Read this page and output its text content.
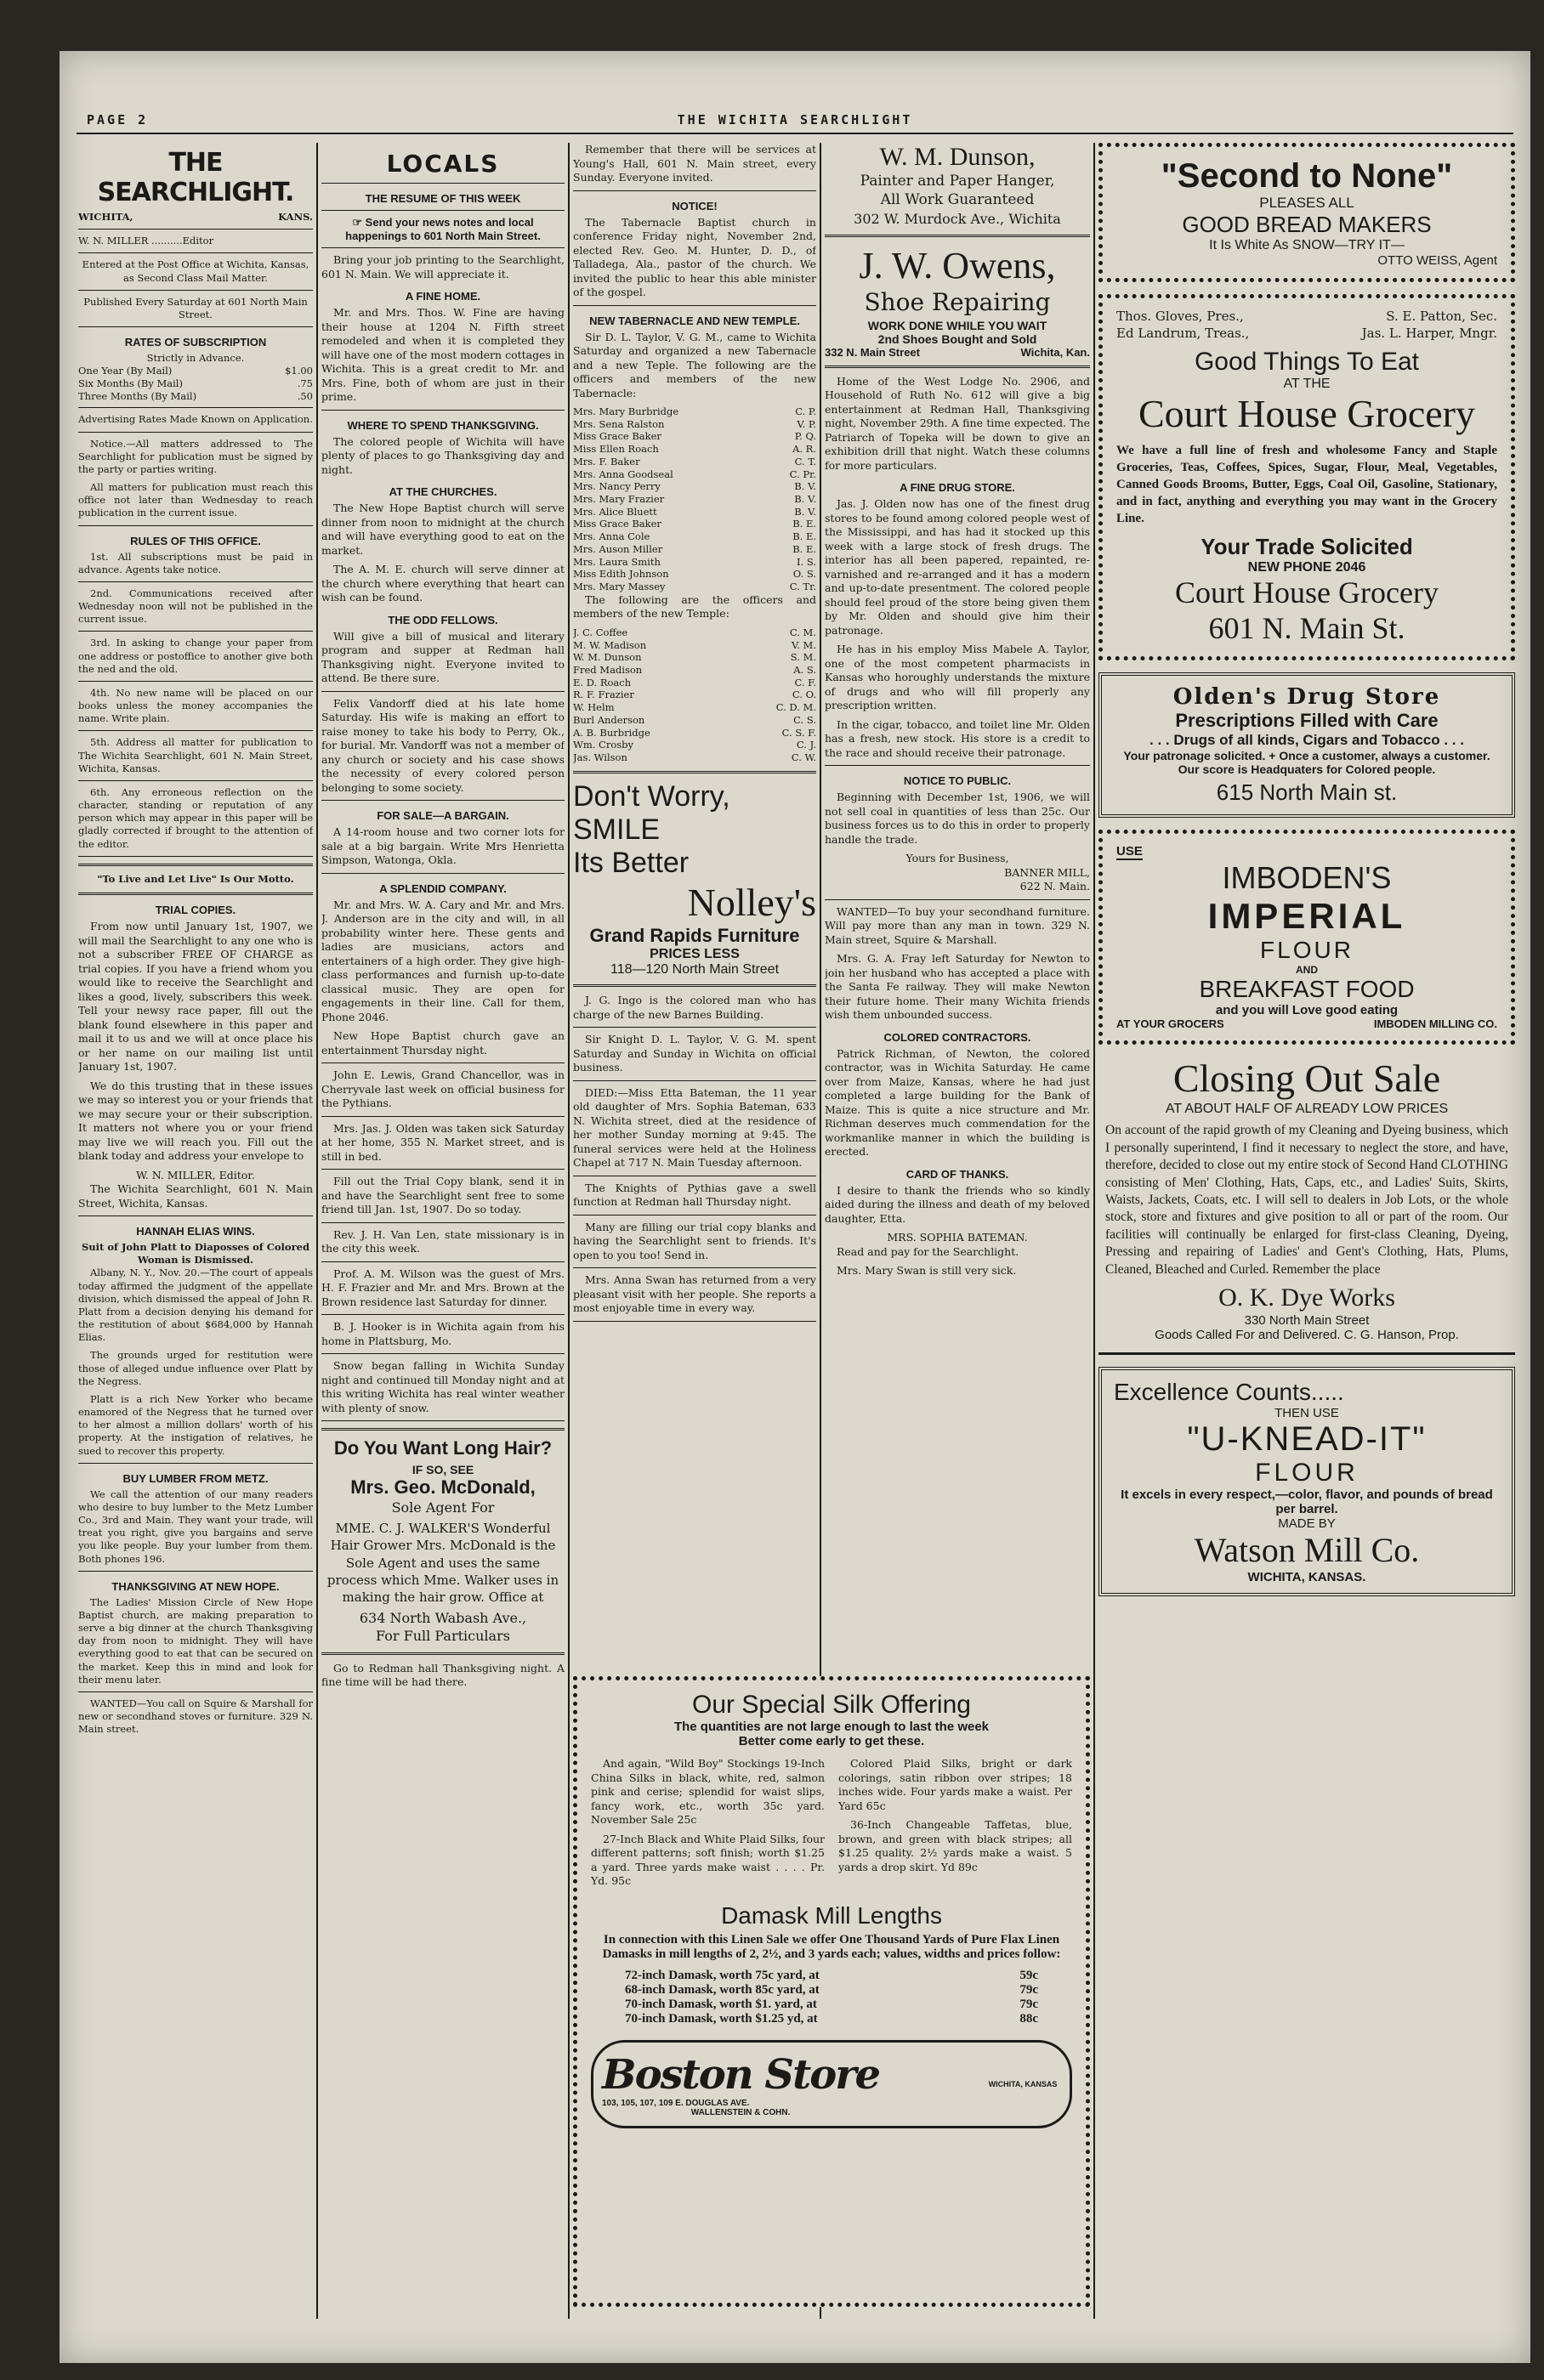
PAGE 2	THE WICHITA SEARCHLIGHT
THE SEARCHLIGHT.
WICHITA,	KANS.
W. N. MILLER ..........Editor
Entered at the Post Office at Wichita, Kansas, as Second Class Mail Matter.
Published Every Saturday at 601 North Main Street.
RATES OF SUBSCRIPTION
Strictly in Advance.
One Year (By Mail)	$1.00
Six Months (By Mail)	.75
Three Months (By Mail)	.50
Advertising Rates Made Known on Application.

Notice.—All matters addressed to The Searchlight for publication must be signed by the party or parties writing.

All matters for publication must reach this office not later than Wednesday to reach publication in the current issue.

RULES OF THIS OFFICE.

1st. All subscriptions must be paid in advance. Agents take notice.

2nd. Communications received after Wednesday noon will not be published in the current issue.

3rd. In asking to change your paper from one address or postoffice to another give both the ned and the old.

4th. No new name will be placed on our books unless the money accompanies the name. Write plain.

5th. Address all matter for publication to The Wichita Searchlight, 601 N. Main Street, Wichita, Kansas.

6th. Any erroneous reflection on the character, standing or reputation of any person which may appear in this paper will be gladly corrected if brought to the attention of the editor.

"To Live and Let Live" Is Our Motto.
TRIAL COPIES.

From now until January 1st, 1907, we will mail the Searchlight to any one who is not a subscriber FREE OF CHARGE as trial copies. If you have a friend whom you would like to receive the Searchlight and likes a good, lively, subscribers this week. Tell your newsy race paper, fill out the blank found elsewhere in this paper and mail it to us and we will at once place his or her name on our mailing list until January 1st, 1907.

We do this trusting that in these issues we may so interest you or your friends that we may secure your or their subscription. It matters not where you or your friend may live we will reach you. Fill out the blank today and address your envelope to

W. N. MILLER, Editor.

The Wichita Searchlight, 601 N. Main Street, Wichita, Kansas.

HANNAH ELIAS WINS.
Suit of John Platt to Diaposses of Colored Woman is Dismissed.

Albany, N. Y., Nov. 20.—The court of appeals today affirmed the judgment of the appellate division, which dismissed the appeal of John R. Platt from a decision denying his demand for the restitution of about $684,000 by Hannah Elias.

The grounds urged for restitution were those of alleged undue influence over Platt by the Negress.

Platt is a rich New Yorker who became enamored of the Negress that he turned over to her almost a million dollars' worth of his property. At the instigation of relatives, he sued to recover this property.

BUY LUMBER FROM METZ.

We call the attention of our many readers who desire to buy lumber to the Metz Lumber Co., 3rd and Main. They want your trade, will treat you right, give you bargains and serve you like people. Buy your lumber from them. Both phones 196.

THANKSGIVING AT NEW HOPE.

The Ladies' Mission Circle of New Hope Baptist church, are making preparation to serve a big dinner at the church Thanksgiving day from noon to midnight. They will have everything good to eat that can be secured on the market. Keep this in mind and look for their menu later.

WANTED—You call on Squire & Marshall for new or secondhand stoves or furniture. 329 N. Main street.

LOCALS
THE RESUME OF THIS WEEK
☞ Send your news notes and local happenings to 601 North Main Street.

Bring your job printing to the Searchlight, 601 N. Main. We will appreciate it.

A FINE HOME.

Mr. and Mrs. Thos. W. Fine are having their house at 1204 N. Fifth street remodeled and when it is completed they will have one of the most modern cottages in Wichita. This is a great credit to Mr. and Mrs. Fine, both of whom are just in their prime.

WHERE TO SPEND THANKSGIVING.

The colored people of Wichita will have plenty of places to go Thanksgiving day and night.

AT THE CHURCHES.

The New Hope Baptist church will serve dinner from noon to midnight at the church and will have everything good to eat on the market.

The A. M. E. church will serve dinner at the church where everything that heart can wish can be found.

THE ODD FELLOWS.

Will give a bill of musical and literary program and supper at Redman hall Thanksgiving night. Everyone invited to attend. Be there sure.

Felix Vandorff died at his late home Saturday. His wife is making an effort to raise money to take his body to Perry, Ok., for burial. Mr. Vandorff was not a member of any church or society and his case shows the necessity of every colored person belonging to some society.

FOR SALE—A BARGAIN.

A 14-room house and two corner lots for sale at a big bargain. Write Mrs Henrietta Simpson, Watonga, Okla.

A SPLENDID COMPANY.

Mr. and Mrs. W. A. Cary and Mr. and Mrs. J. Anderson are in the city and will, in all probability winter here. These gents and ladies are musicians, actors and entertainers of a high order. They give high-class performances and furnish up-to-date classical music. They are open for engagements in their line. Call for them, Phone 2046.

New Hope Baptist church gave an entertainment Thursday night.

John E. Lewis, Grand Chancellor, was in Cherryvale last week on official business for the Pythians.

Mrs. Jas. J. Olden was taken sick Saturday at her home, 355 N. Market street, and is still in bed.

Fill out the Trial Copy blank, send it in and have the Searchlight sent free to some friend till Jan. 1st, 1907. Do so today.

Rev. J. H. Van Len, state missionary is in the city this week.

Prof. A. M. Wilson was the guest of Mrs. H. F. Frazier and Mr. and Mrs. Brown at the Brown residence last Saturday for dinner.

B. J. Hooker is in Wichita again from his home in Plattsburg, Mo.

Snow began falling in Wichita Sunday night and continued till Monday night and at this writing Wichita has real winter weather with plenty of snow.

Do You Want Long Hair?
IF SO, SEE
Mrs. Geo. McDonald,
Sole Agent For
MME. C. J. WALKER'S Wonderful Hair Grower Mrs. McDonald is the Sole Agent and uses the same process which Mme. Walker uses in making the hair grow. Office at
634 North Wabash Ave.,
For Full Particulars

Go to Redman hall Thanksgiving night. A fine time will be had there.

Remember that there will be services at Young's Hall, 601 N. Main street, every Sunday. Everyone invited.

NOTICE!

The Tabernacle Baptist church in conference Friday night, November 2nd, elected Rev. Geo. M. Hunter, D. D., of Talladega, Ala., pastor of the church. We invited the public to hear this able minister of the gospel.

NEW TABERNACLE AND NEW TEMPLE.

Sir D. L. Taylor, V. G. M., came to Wichita Saturday and organized a new Tabernacle and a new Teple. The following are the officers and members of the new Tabernacle:

Mrs. Mary Burbridge	C. P.
Mrs. Sena Ralston	V. P.
Miss Grace Baker	P. Q.
Miss Ellen Roach	A. R.
Mrs. F. Baker	C. T.
Mrs. Anna Goodseal	C. Pr.
Mrs. Nancy Perry	B. V.
Mrs. Mary Frazier	B. V.
Mrs. Alice Bluett	B. V.
Miss Grace Baker	B. E.
Mrs. Anna Cole	B. E.
Mrs. Auson Miller	B. E.
Mrs. Laura Smith	I. S.
Miss Edith Johnson	O. S.
Mrs. Mary Massey	C. Tr.

The following are the officers and members of the new Temple:

J. C. Coffee	C. M.
M. W. Madison	V. M.
W. M. Dunson	S. M.
Fred Madison	A. S.
E. D. Roach	C. F.
R. F. Frazier	C. O.
W. Helm	C. D. M.
Burl Anderson	C. S.
A. B. Burbridge	C. S. F.
Wm. Crosby	C. J.
Jas. Wilson	C. W.
Don't Worry,
SMILE
Its Better
Nolley's
Grand Rapids Furniture
PRICES LESS
118—120 North Main Street

J. G. Ingo is the colored man who has charge of the new Barnes Building.

Sir Knight D. L. Taylor, V. G. M. spent Saturday and Sunday in Wichita on official business.

DIED:—Miss Etta Bateman, the 11 year old daughter of Mrs. Sophia Bateman, 633 N. Wichita street, died at the residence of her mother Sunday morning at 9:45. The funeral services were held at the Holiness Chapel at 717 N. Main Tuesday afternoon.

The Knights of Pythias gave a swell function at Redman hall Thursday night.

Many are filling our trial copy blanks and having the Searchlight sent to friends. It's open to you too! Send in.

Mrs. Anna Swan has returned from a very pleasant visit with her people. She reports a most enjoyable time in every way.

W. M. Dunson,
Painter and Paper Hanger,
All Work Guaranteed
302 W. Murdock Ave., Wichita
J. W. Owens,
Shoe Repairing
WORK DONE WHILE YOU WAIT
2nd Shoes Bought and Sold
332 N. Main Street	Wichita, Kan.

Home of the West Lodge No. 2906, and Household of Ruth No. 612 will give a big entertainment at Redman Hall, Thanksgiving night, November 29th. A fine time expected. The Patriarch of Topeka will be down to give an exhibition drill that night. Watch these columns for more particulars.

A FINE DRUG STORE.

Jas. J. Olden now has one of the finest drug stores to be found among colored people west of the Mississippi, and has had it stocked up this week with a large stock of fresh drugs. The interior has all been papered, repainted, re-varnished and re-arranged and it has a modern and up-to-date presentment. The colored people should feel proud of the store being given them by Mr. Olden and should give him their patronage.

He has in his employ Miss Mabele A. Taylor, one of the most competent pharmacists in Kansas who horoughly understands the mixture of drugs and who will fill properly any prescription written.

In the cigar, tobacco, and toilet line Mr. Olden has a fresh, new stock. His store is a credit to the race and should receive their patronage.

NOTICE TO PUBLIC.

Beginning with December 1st, 1906, we will not sell coal in quantities of less than 25c. Our business forces us to do this in order to properly handle the trade.

Yours for Business,
BANNER MILL,
622 N. Main.

WANTED—To buy your secondhand furniture. Will pay more than any man in town. 329 N. Main street, Squire & Marshall.

Mrs. G. A. Fray left Saturday for Newton to join her husband who has accepted a place with the Santa Fe railway. They will make Newton their future home. Their many Wichita friends wish them unbounded success.

COLORED CONTRACTORS.

Patrick Richman, of Newton, the colored contractor, was in Wichita Saturday. He came over from Maize, Kansas, where he had just completed a large building for the Bank of Maize. This is quite a nice structure and Mr. Richman deserves much commendation for the workmanlike manner in which the building is erected.

CARD OF THANKS.

I desire to thank the friends who so kindly aided during the illness and death of my beloved daughter, Etta.

MRS. SOPHIA BATEMAN.

Read and pay for the Searchlight.

Mrs. Mary Swan is still very sick.

Our Special Silk Offering
The quantities are not large enough to last the week
Better come early to get these.

And again, "Wild Boy" Stockings 19-Inch China Silks in black, white, red, salmon pink and cerise; splendid for waist slips, fancy work, etc., worth 35c yard. November Sale 25c

27-Inch Black and White Plaid Silks, four different patterns; soft finish; worth $1.25 a yard. Three yards make waist . . . . Pr. Yd. 95c

Colored Plaid Silks, bright or dark colorings, satin ribbon over stripes; 18 inches wide. Four yards make a waist. Per Yard 65c

36-Inch Changeable Taffetas, blue, brown, and green with black stripes; all $1.25 quality. 2½ yards make a waist. 5 yards a drop skirt. Yd 89c

Damask Mill Lengths
In connection with this Linen Sale we offer One Thousand Yards of Pure Flax Linen Damasks in mill lengths of 2, 2½, and 3 yards each; values, widths and prices follow:
72-inch Damask, worth 75c yard, at	59c
68-inch Damask, worth 85c yard, at	79c
70-inch Damask, worth $1. yard, at	79c
70-inch Damask, worth $1.25 yd, at	88c
Boston Store
103, 105, 107, 109 E. DOUGLAS AVE.
WALLENSTEIN & COHN.
WICHITA, KANSAS
"Second to None"
PLEASES ALL
GOOD BREAD MAKERS
It Is White As SNOW—TRY IT—
OTTO WEISS, Agent
Thos. Gloves, Pres.,	S. E. Patton, Sec.
Ed Landrum, Treas.,	Jas. L. Harper, Mngr.
Good Things To Eat
AT THE
Court House Grocery
We have a full line of fresh and wholesome Fancy and Staple Groceries, Teas, Coffees, Spices, Sugar, Flour, Meal, Vegetables, Canned Goods Brooms, Butter, Eggs, Coal Oil, Gasoline, Stationary, and in fact, anything and everything you may want in the Grocery Line.
Your Trade Solicited
NEW PHONE 2046
Court House Grocery
601 N. Main St.
Olden's Drug Store
Prescriptions Filled with Care
. . . Drugs of all kinds, Cigars and Tobacco . . .
Your patronage solicited. + Once a customer, always a customer. Our score is Headquaters for Colored people.
615 North Main st.
USE
IMBODEN'S
IMPERIAL
FLOUR
AND
BREAKFAST FOOD
and you will Love good eating
AT YOUR GROCERS	IMBODEN MILLING CO.
Closing Out Sale
AT ABOUT HALF OF ALREADY LOW PRICES
On account of the rapid growth of my Cleaning and Dyeing business, which I personally superintend, I find it necessary to neglect the store, and have, therefore, decided to close out my entire stock of Second Hand CLOTHING consisting of Men' Clothing, Hats, Caps, etc., and Ladies' Suits, Skirts, Waists, Jackets, Coats, etc. I will sell to dealers in Job Lots, or the whole stock, store and fixtures and give position to all or part of the room. Our facilities will continually be enlarged for first-class Cleaning, Dyeing, Pressing and repairing of Ladies' and Gent's Clothing, Hats, Plums, Cleaned, Bleached and Curled. Remember the place
O. K. Dye Works
330 North Main Street
Goods Called For and Delivered. C. G. Hanson, Prop.
Excellence Counts.....
THEN USE
"U-KNEAD-IT"
FLOUR
It excels in every respect,—color, flavor, and pounds of bread per barrel.
MADE BY
Watson Mill Co.
WICHITA, KANSAS.
